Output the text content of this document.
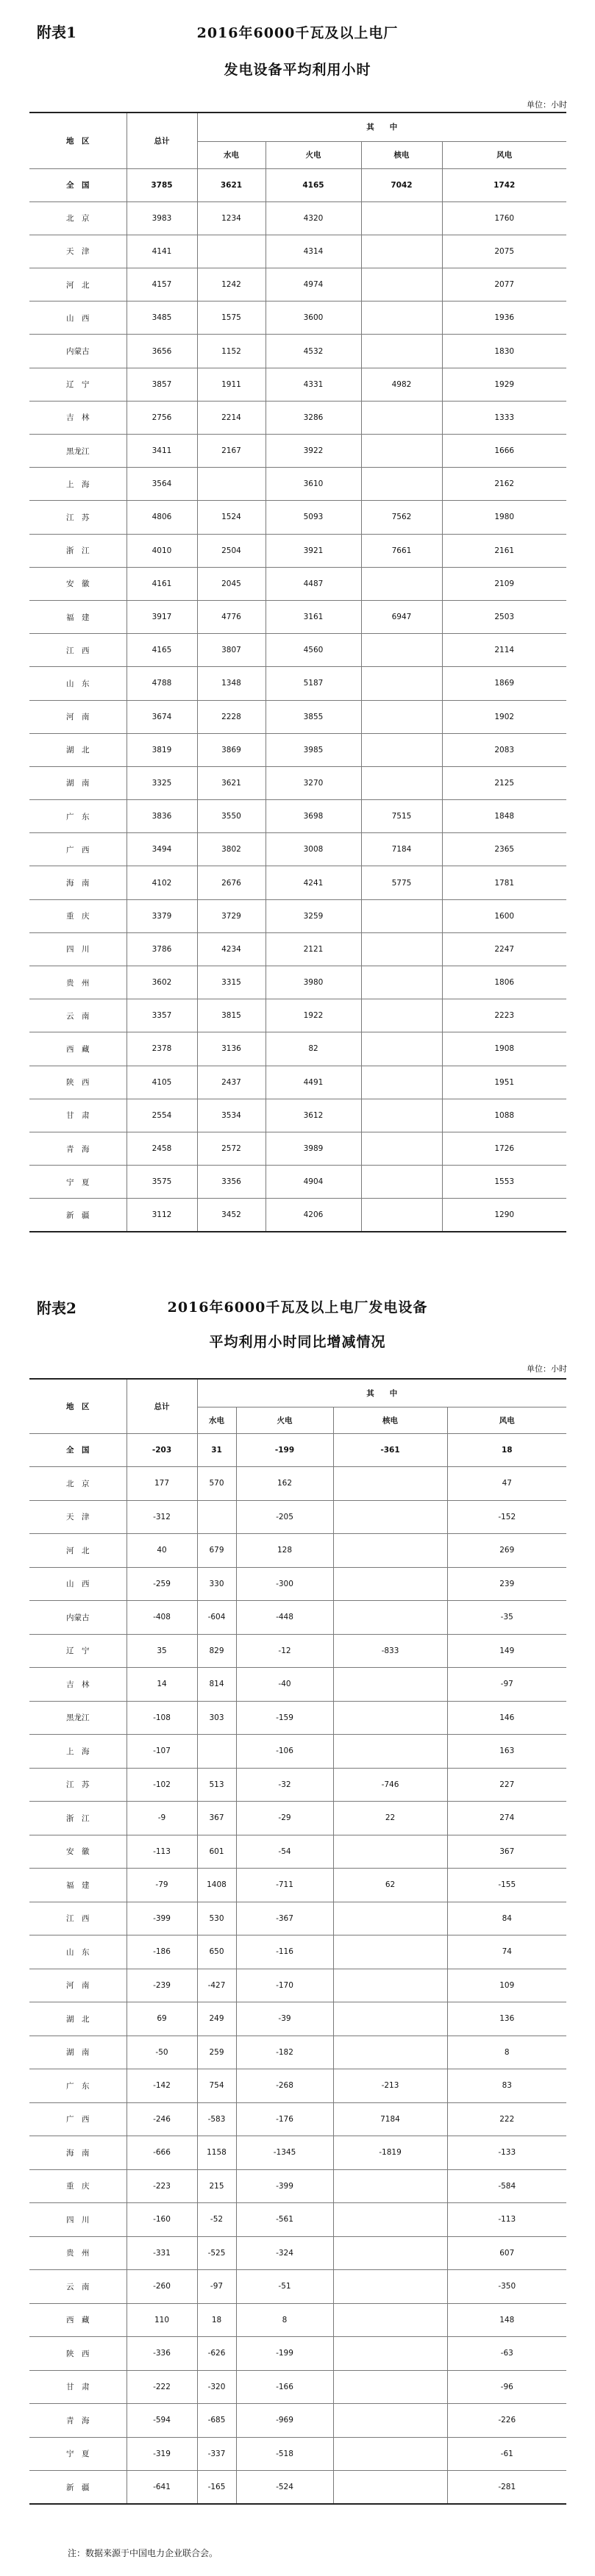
附表1	2016年6000千瓦及以上电厂
发电设备平均利用小时
单位：小时
地　区	总计	其　　中			
		水电	火电	核电	风电
全　国	3785	3621	4165	7042	1742
北　京	3983	1234	4320		1760
天　津	4141		4314		2075
河　北	4157	1242	4974		2077
山　西	3485	1575	3600		1936
内蒙古	3656	1152	4532		1830
辽　宁	3857	1911	4331	4982	1929
吉　林	2756	2214	3286		1333
黑龙江	3411	2167	3922		1666
上　海	3564		3610		2162
江　苏	4806	1524	5093	7562	1980
浙　江	4010	2504	3921	7661	2161
安　徽	4161	2045	4487		2109
福　建	3917	4776	3161	6947	2503
江　西	4165	3807	4560		2114
山　东	4788	1348	5187		1869
河　南	3674	2228	3855		1902
湖　北	3819	3869	3985		2083
湖　南	3325	3621	3270		2125
广　东	3836	3550	3698	7515	1848
广　西	3494	3802	3008	7184	2365
海　南	4102	2676	4241	5775	1781
重　庆	3379	3729	3259		1600
四　川	3786	4234	2121		2247
贵　州	3602	3315	3980		1806
云　南	3357	3815	1922		2223
西　藏	2378	3136	82		1908
陕　西	4105	2437	4491		1951
甘　肃	2554	3534	3612		1088
青　海	2458	2572	3989		1726
宁　夏	3575	3356	4904		1553
新　疆	3112	3452	4206		1290
附表2	2016年6000千瓦及以上电厂发电设备
平均利用小时同比增减情况
单位：小时
地　区	总计	其　　中			
		水电	火电	核电	风电
全　国	-203	31	-199	-361	18
北　京	177	570	162		47
天　津	-312		-205		-152
河　北	40	679	128		269
山　西	-259	330	-300		239
内蒙古	-408	-604	-448		-35
辽　宁	35	829	-12	-833	149
吉　林	14	814	-40		-97
黑龙江	-108	303	-159		146
上　海	-107		-106		163
江　苏	-102	513	-32	-746	227
浙　江	-9	367	-29	22	274
安　徽	-113	601	-54		367
福　建	-79	1408	-711	62	-155
江　西	-399	530	-367		84
山　东	-186	650	-116		74
河　南	-239	-427	-170		109
湖　北	69	249	-39		136
湖　南	-50	259	-182		8
广　东	-142	754	-268	-213	83
广　西	-246	-583	-176	7184	222
海　南	-666	1158	-1345	-1819	-133
重　庆	-223	215	-399		-584
四　川	-160	-52	-561		-113
贵　州	-331	-525	-324		607
云　南	-260	-97	-51		-350
西　藏	110	18	8		148
陕　西	-336	-626	-199		-63
甘　肃	-222	-320	-166		-96
青　海	-594	-685	-969		-226
宁　夏	-319	-337	-518		-61
新　疆	-641	-165	-524		-281
注：数据来源于中国电力企业联合会。
